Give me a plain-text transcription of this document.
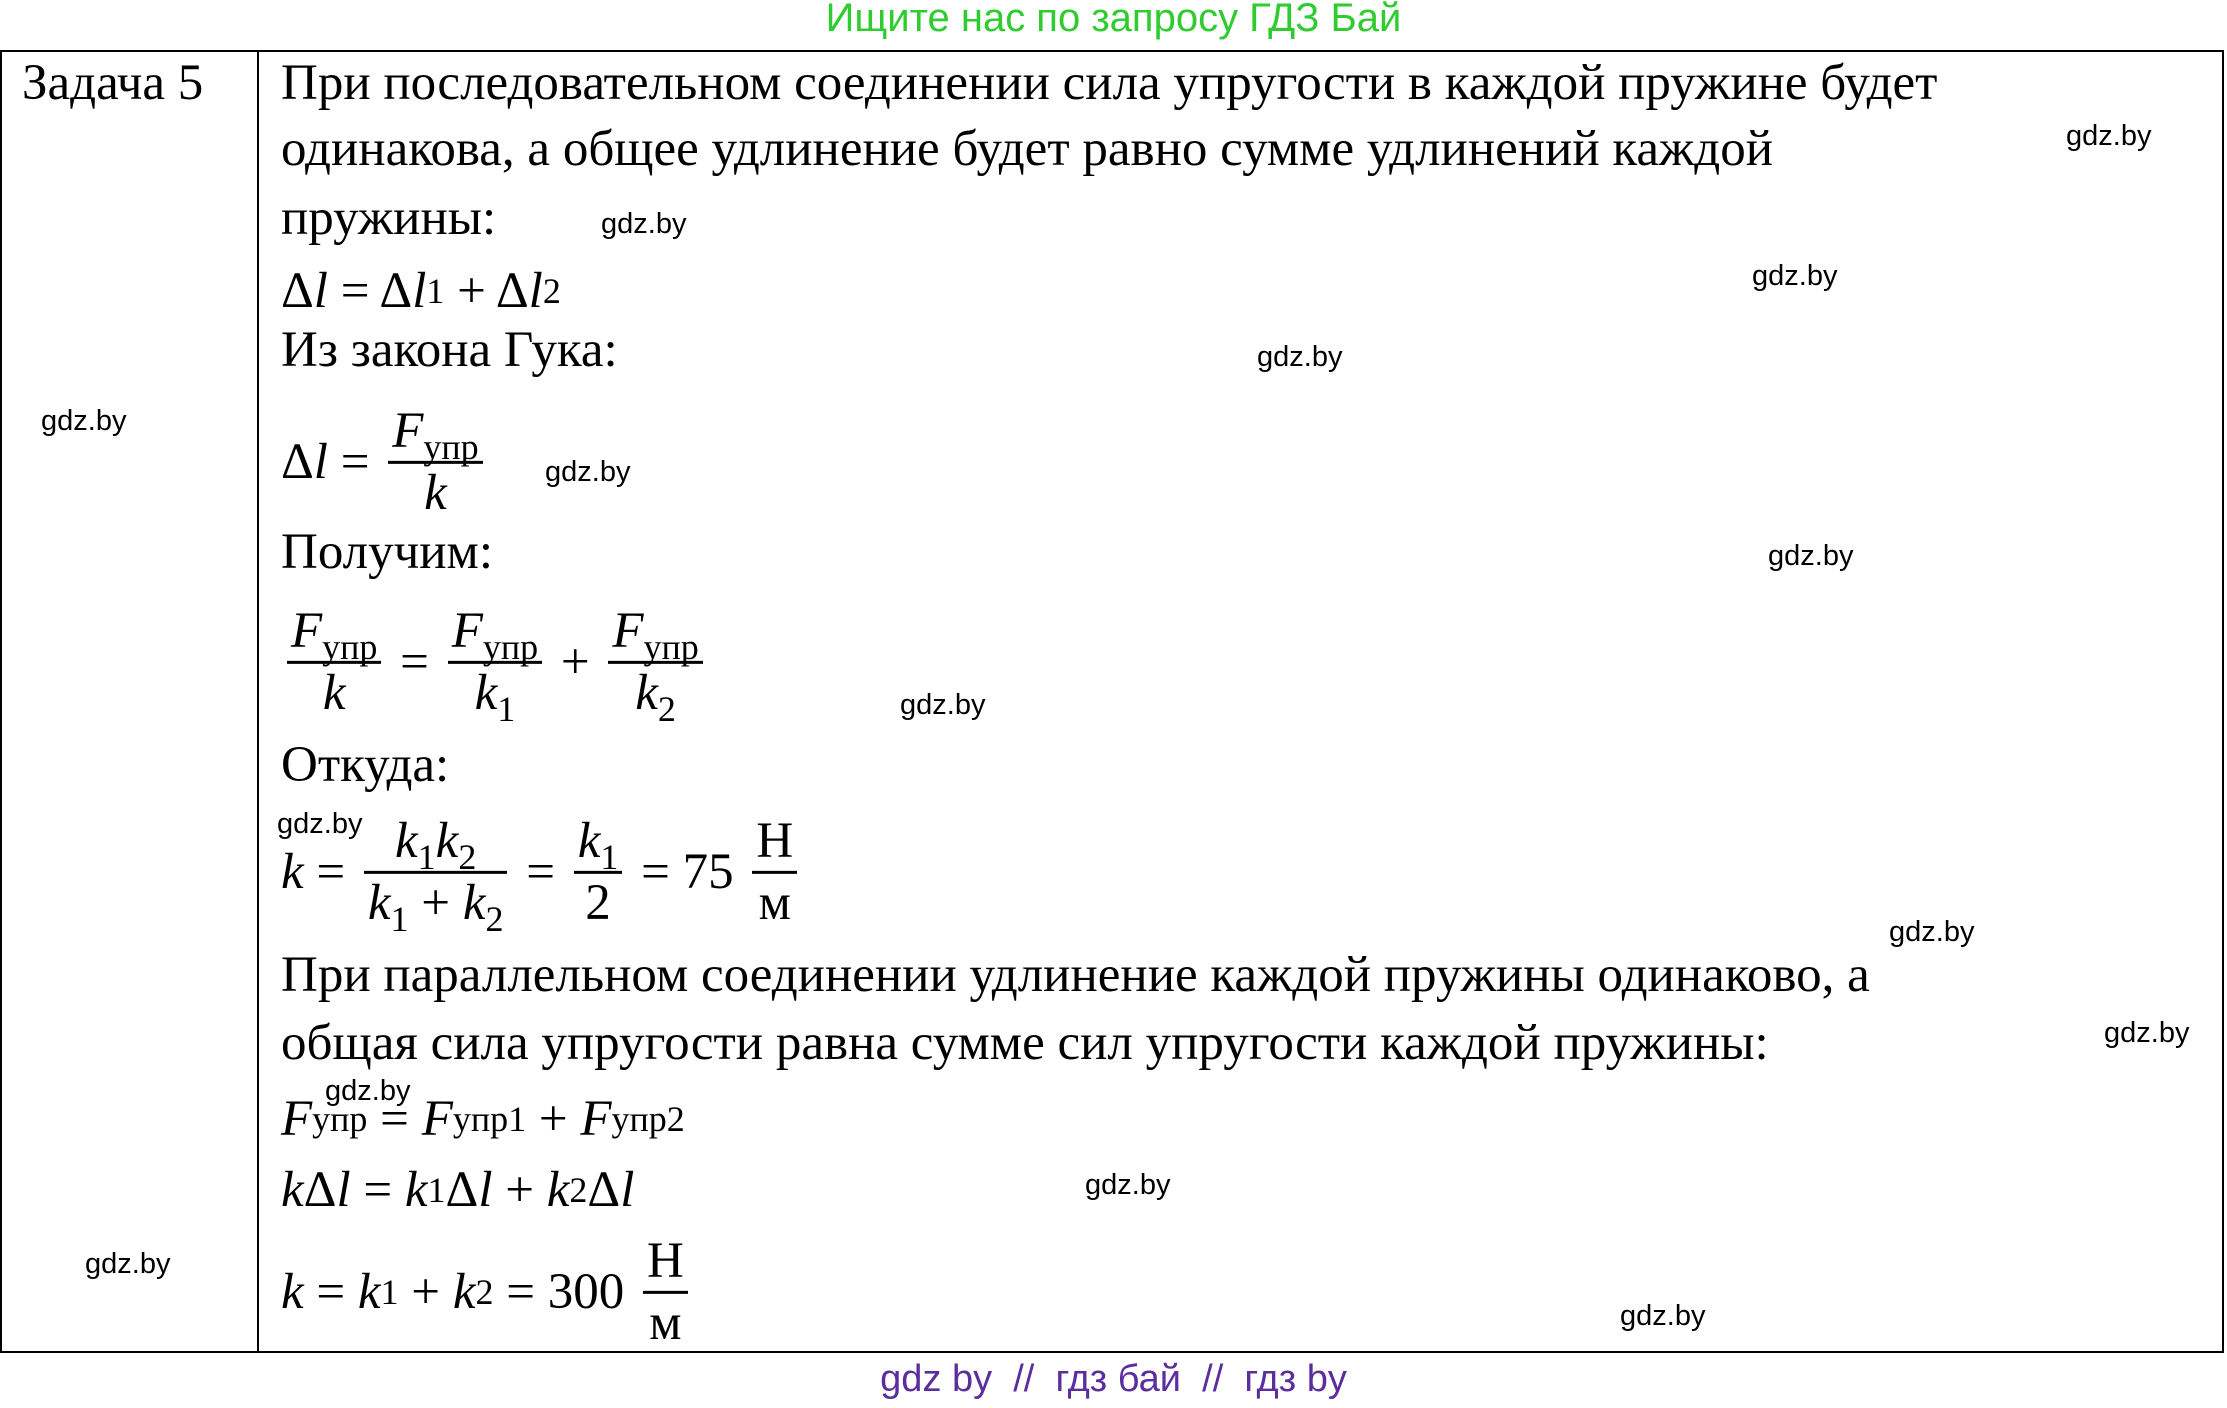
Ищите нас по запросу ГДЗ Бай
Задача 5 При последовательном соединении сила упругости в каждой пружине будет
одинакова, а общее удлинение будет равно сумме удлинений каждой
пружины:
Δ l = Δ l 1 + Δ l 2
Из закона Гука:
Δ $l = \frac{F_{упр}}{k}$
Получим:
$\frac{F_{упр}}{k} = \frac{F_{упр}}{k_1} + \frac{F_{упр}}{k_2}$
Откуда:
$k = \frac{k_1k_2}{k_1 + k_2} = \frac{k_1}{2} = 75 \frac{Н}{м}$
При параллельном соединении удлинение каждой пружины одинаково, а
общая сила упругости равна сумме сил упругости каждой пружины:
F упр = F упр1 + F упр2
k Δ l = k 1 Δ l + k 2 Δ l
k = k 1 + k $2 = 300 \frac{Н}{м}$
gdz.by
gdz.by
gdz.by
gdz.by
gdz.by
gdz.by
gdz.by
gdz.by
gdz.by
gdz.by
gdz.by
gdz.by
gdz.by
gdz.by
gdz.by
gdz by  //  гдз бай  //  гдз by
